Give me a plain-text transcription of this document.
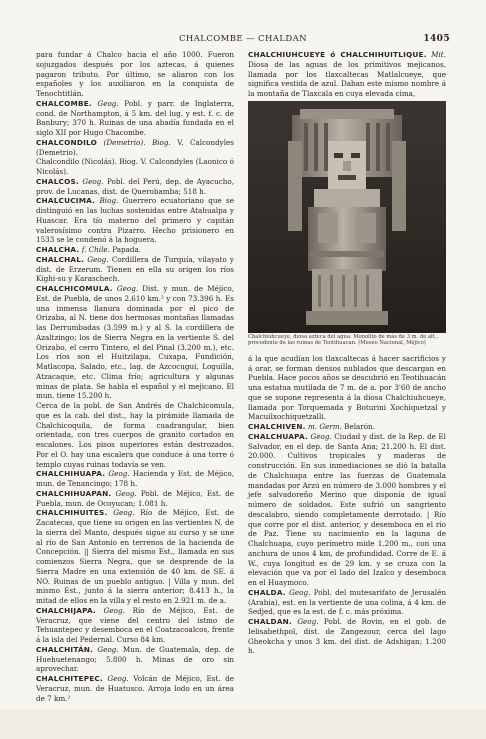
CHALCOMBE — CHALDAN	1405

para fundar á Chalco hacia el año 1000. Fueron sojuzgados después por los aztecas, á quienes pagaron tributo. Por último, se aliaron con los españoles y los auxiliaron en la conquista de Tenochtitlán.

CHALCOMBE. Geog. Pobl. y parr. de Inglaterra, cond. de Northampton, á 5 km. del lug. y est. f. c. de Banbury; 370 h. Ruinas de una abadía fundada en el siglo XII por Hugo Chacombe.

CHALCONDILO (Demetrio). Biog. V. Calcondyles (Demetrio).

Chalcondilo (Nicolás). Biog. V. Calcondyles (Laonico ó Nicolás).

CHALCOS. Geog. Pobl. del Perú, dep. de Ayacucho, prov. de Lucanas, dist. de Querobamba; 518 h.

CHALCUCIMA. Biog. Guerrero ecuatoriano que se distinguió en las luchas sostenidas entre Atahualpa y Huascar. Era tío materno del primero y capitán valerosísimo contra Pizarro. Hecho prisionero en 1533 se le condenó á la hoguera.

CHALCHA. f. Chile. Papada.

CHALCHAL. Geog. Cordillera de Turquía, vilayato y dist. de Erzerum. Tienen en ella su origen los ríos Kighi-su y Karaschech.

CHALCHICOMULA. Geog. Dist. y mun. de Méjico, Est. de Puebla, de unos 2.610 km.² y con 73.396 h. Es una inmensa llanura dominada por el pico de Orizaba, al N. tiene dos hermosas montañas llamadas las Derrumbadas (3.599 m.) y al S. la cordillera de Azaltzingo; los de Sierra Negra en la vertiente S. del Orizabo, el cerro Tintero, el del Pinal (3.200 m.), etc. Los ríos son el Huitzilapa, Cuxapa, Fundición, Matlacopa, Salado, etc., lag. de Azcocugui, Loguilla, Atzacaque, etc. Clima frío; agricultura y algunas minas de plata. Se habla el español y el mejicano. El mun. tiene 15.200 h.

Cerca de la pobl. de San Andrés de Chalchicomula, que es la cab. del dist., hay la pirámide llamada de Chalchicoquila, de forma cuadrangular, bien orientada, con tres cuerpos de granito cortados en escalones. Los pisos superiores están destrozados. Por el O. hay una escalera que conduce á una torre ó templo cuyas ruinas todavía se ven.

CHALCHIHUAPA. Geog. Hacienda y Est. de Méjico, mun. de Tenancingo; 178 h.

CHALCHIHUAPAN. Geog. Pobl. de Méjico, Est. de Puebla, mun. de Ocoyucan; 1.081 h.

CHALCHIHUITES. Geog. Río de Méjico, Est. de Zacatecas, que tiene su origen en las vertientes N. de la sierra del Manto, después sigue su curso y se une al río de San Antonio en terrenos de la hacienda de Concepción. || Sierra del mismo Est., llamada en sus comienzos Sierra Negra, que se desprende de la Sierra Madre en una extensión de 40 km. de SE. á NO. Ruinas de un pueblo antiguo. | Villa y mun. del mismo Est., junto á la sierra anterior; 8.413 h., la mitad de ellos en la villa y el resto en 2.921 m. de a.

CHALCHIJAPA. Geog. Río de Méjico, Est. de Veracruz, que viene del centro del istmo de Tehuantepec y desemboca en el Coatzacoalcos, frente á la isla del Pedernal. Curso 84 km.

CHALCHITÁN. Geog. Mun. de Guatemala, dep. de Huehuetenango; 5.800 h. Minas de oro sin aprovechar.

CHALCHITEPEC. Geog. Volcán de Méjico, Est. de Veracruz, mun. de Huatusco. Arroja lodo en un área de 7 km.²

CHALCHIUHCUEYE ó CHALCHIHUITLIQUE. Mit. Diosa de las aguas de los primitivos mejicanos, llamada por los tlaxcaltecas Matlalcueye, que significa vestida de azul. Daban este mismo nombre á la montaña de Tlaxcala en cuya elevada cima,

Chalchiuhcueye, diosa azteca del agua. Monolito de más de 3 m. de alt., procedente de las ruinas de Teotihuacan. (Museo Nacional, Méjico)

á la que acudían los tlaxcaltecas á hacer sacrificios y á orar, se forman densos nublados que descargan en Puebla. Hace pocos años se descubrió en Teotihuacán una estatua mutilada de 7 m. de a. por 3'60 de ancho que se supone representa á la diosa Chalchiuhcueye, llamada por Torquemada y Boturini Xochiquetzal y Macuilxochiquetzalli.

CHALCHIVEN. m. Germ. Belarón.

CHALCHUAPA. Geog. Ciudad y dist. de la Rep. de El Salvador, en el dep. de Santa Ana; 21.200 h. El dist. 20.000. Cultivos tropicales y maderas de construcción. En sus inmediaciones se dió la batalla de Chalchuapa entre las fuerzas de Guatemala mandadas por Arzú en número de 3.000 hombres y el jefe salvadoreño Merino que disponía de igual número de soldados. Este sufrió un sangriento descalabro, siendo completamente derrotado. | Río que corre por el dist. anterior, y desemboca en el río de Paz. Tiene su nacimiento en la laguna de Chalchuapa, cuyo perímetro mide 1.200 m., con una anchura de unos 4 km, de profundidad. Corre de E. á W., cuya longitud es de 29 km. y se cruza con la elevación que va por el lado del Izalco y desemboca en el Huaymoco.

CHALDA. Geog. Pobl. del mutesarifato de Jerusalén (Arabia), est. en la vertiente de una colina, á 4 km. de Sedjed, que es la est. de f. c. más próxima.

CHALDAN. Geog. Pobl. de Rovin, en el gob. de Ielisabethpol, dist. de Zangezour, cerca del lago Gheokcha y unos 3 km. del dist. de Adshigan; 1.200 h.
